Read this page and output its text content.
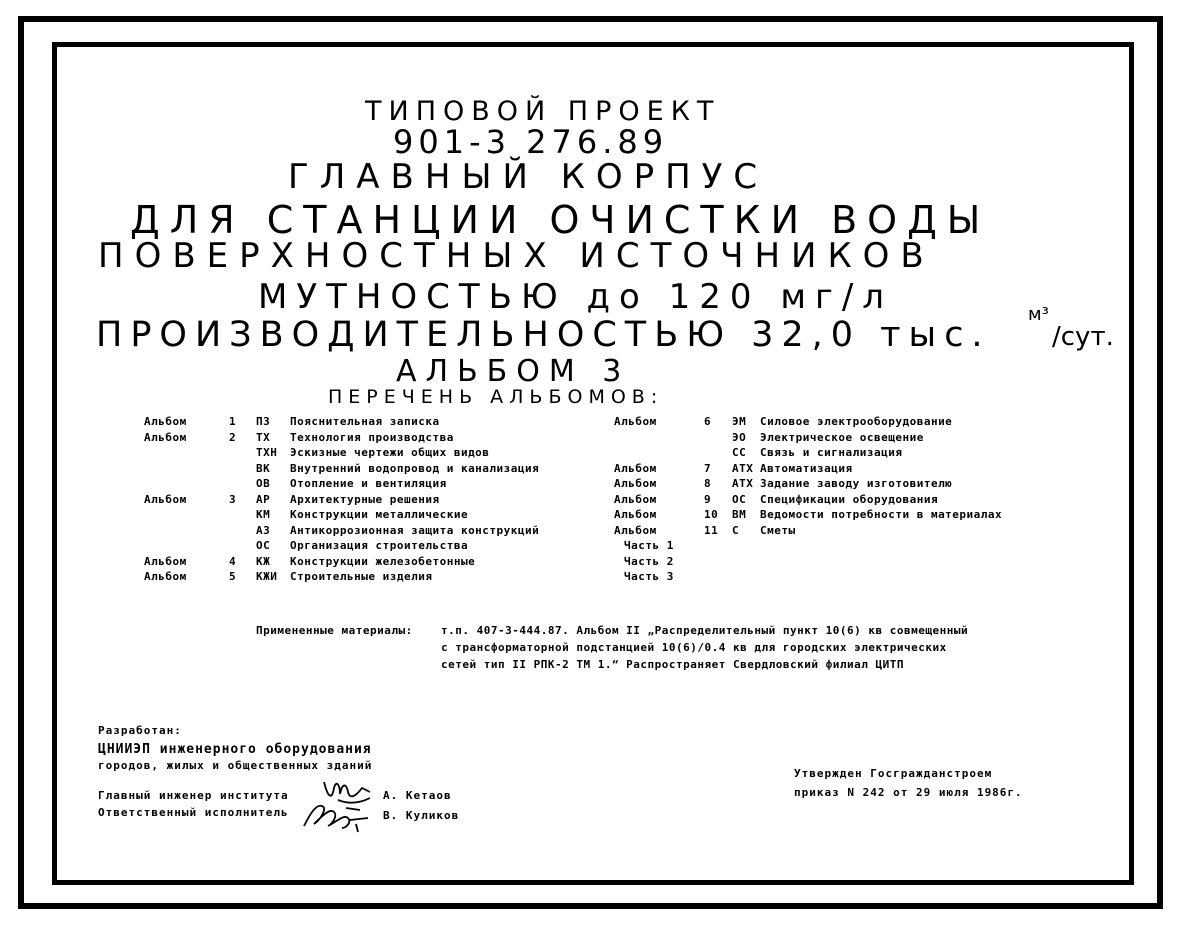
ТИПОВОЙ ПРОЕКТ
901-3 276.89
ГЛАВНЫЙ КОРПУС
ДЛЯ СТАНЦИИ ОЧИСТКИ ВОДЫ
ПОВЕРХНОСТНЫХ ИСТОЧНИКОВ
МУТНОСТЬЮ до 120 мг/л
ПРОИЗВОДИТЕЛЬНОСТЬЮ 32,0 тыс.
м³
/сут.
АЛЬБОМ 3
ПЕРЕЧЕНЬ АЛЬБОМОВ:
Альбом	1 ПЗ Пояснительная записка
Альбом	2 ТХ Технология производства
ТХН Эскизные чертежи общих видов
ВК Внутренний водопровод и канализация
ОВ Отопление и вентиляция
Альбом	3 АР Архитектурные решения
КМ Конструкции металлические
АЗ Антикоррозионная защита конструкций
ОС Организация строительства
Альбом	4 КЖ Конструкции железобетонные
Альбом	5 КЖИ Строительные изделия
Альбом	6 ЭМ Силовое электрооборудование
ЭО Электрическое освещение
СС Связь и сигнализация
Альбом	7 АТХ Автоматизация
Альбом	8 АТХ Задание заводу изготовителю
Альбом	9 ОС Спецификации оборудования
Альбом	10 ВМ Ведомости потребности в материалах
Альбом	11 С Сметы
Часть 1
Часть 2
Часть 3
Примененные материалы:	т.п. 407-3-444.87. Альбом II „Распределительный пункт 10(6) кв совмещенный
с трансформаторной подстанцией 10(6)/0.4 кв для городских электрических
сетей тип II РПК-2 ТМ 1.“ Распространяет Свердловский филиал ЦИТП
Разработан:
ЦНИИЭП инженерного оборудования
городов, жилых и общественных зданий
Главный инженер института
Ответственный исполнитель
А. Кетаов
В. Куликов
Утвержден Госгражданстроем
приказ N 242 от 29 июля 1986г.
